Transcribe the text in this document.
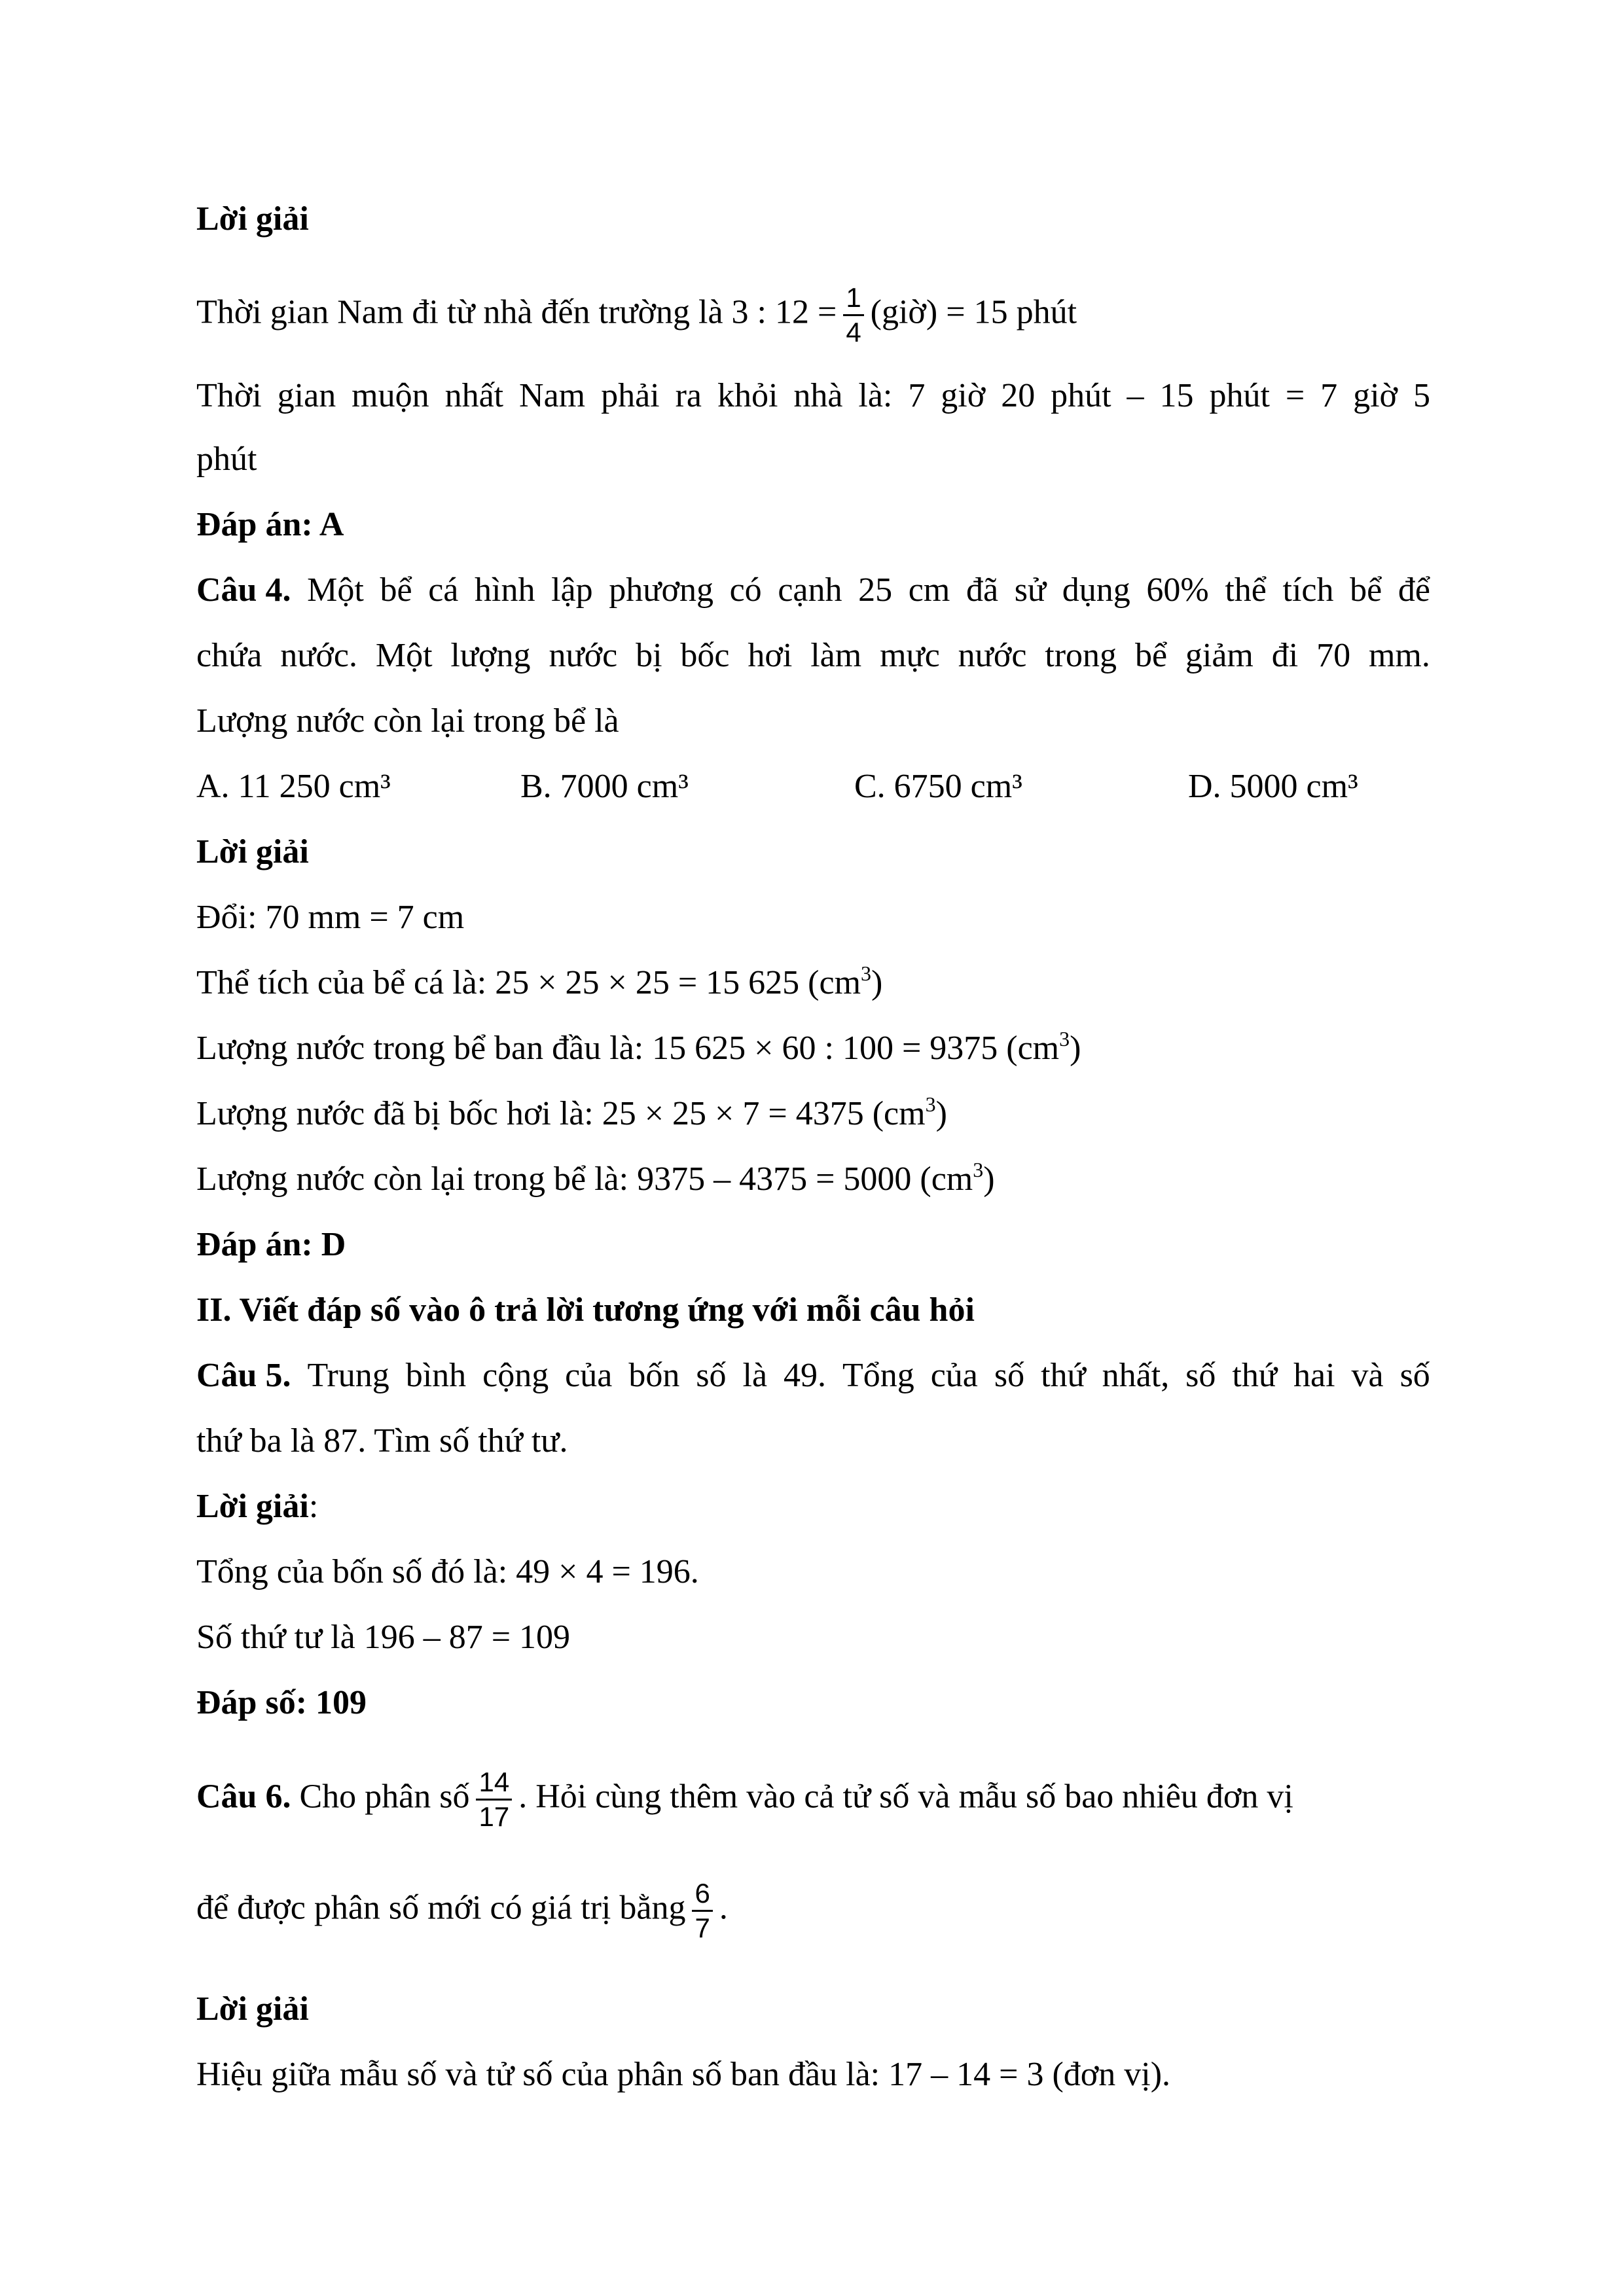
Lời giải
Thời gian Nam đi từ nhà đến trường là 3 : $12 = \frac{1}{4}$ (giờ) = 15 phút
Thời gian muộn nhất Nam phải ra khỏi nhà là: 7 giờ 20 phút – 15 phút = 7 giờ 5
phút
Đáp án: A
Câu 4. Một bể cá hình lập phương có cạnh 25 cm đã sử dụng 60% thể tích bể để
chứa nước. Một lượng nước bị bốc hơi làm mực nước trong bể giảm đi 70 mm.
Lượng nước còn lại trong bể là
A. 11 250 cm³	B. 7000 cm³	C. 6750 cm³	D. 5000 cm³
Lời giải
Đổi: 70 mm = 7 cm
Thể tích của bể cá là: 25 × 25 × 25 = 15 625 $(cm^3)$
Lượng nước trong bể ban đầu là: 15 625 × 60 : 100 = 9375 $(cm^3)$
Lượng nước đã bị bốc hơi là: 25 × 25 × 7 = 4375 $(cm^3)$
Lượng nước còn lại trong bể là: 9375 – 4375 = 5000 $(cm^3)$
Đáp án: D
II. Viết đáp số vào ô trả lời tương ứng với mỗi câu hỏi
Câu 5. Trung bình cộng của bốn số là 49. Tổng của số thứ nhất, số thứ hai và số
thứ ba là 87. Tìm số thứ tư.
Lời giải:
Tổng của bốn số đó là: 49 × 4 = 196.
Số thứ tư là 196 – 87 = 109
Đáp số: 109
Câu 6. Cho phân số $\frac{14}{17}$ . Hỏi cùng thêm vào cả tử số và mẫu số bao nhiêu đơn vị
để được phân số mới có giá trị bằng $\frac{6}{7}$ .
Lời giải
Hiệu giữa mẫu số và tử số của phân số ban đầu là: 17 – 14 = 3 (đơn vị).
